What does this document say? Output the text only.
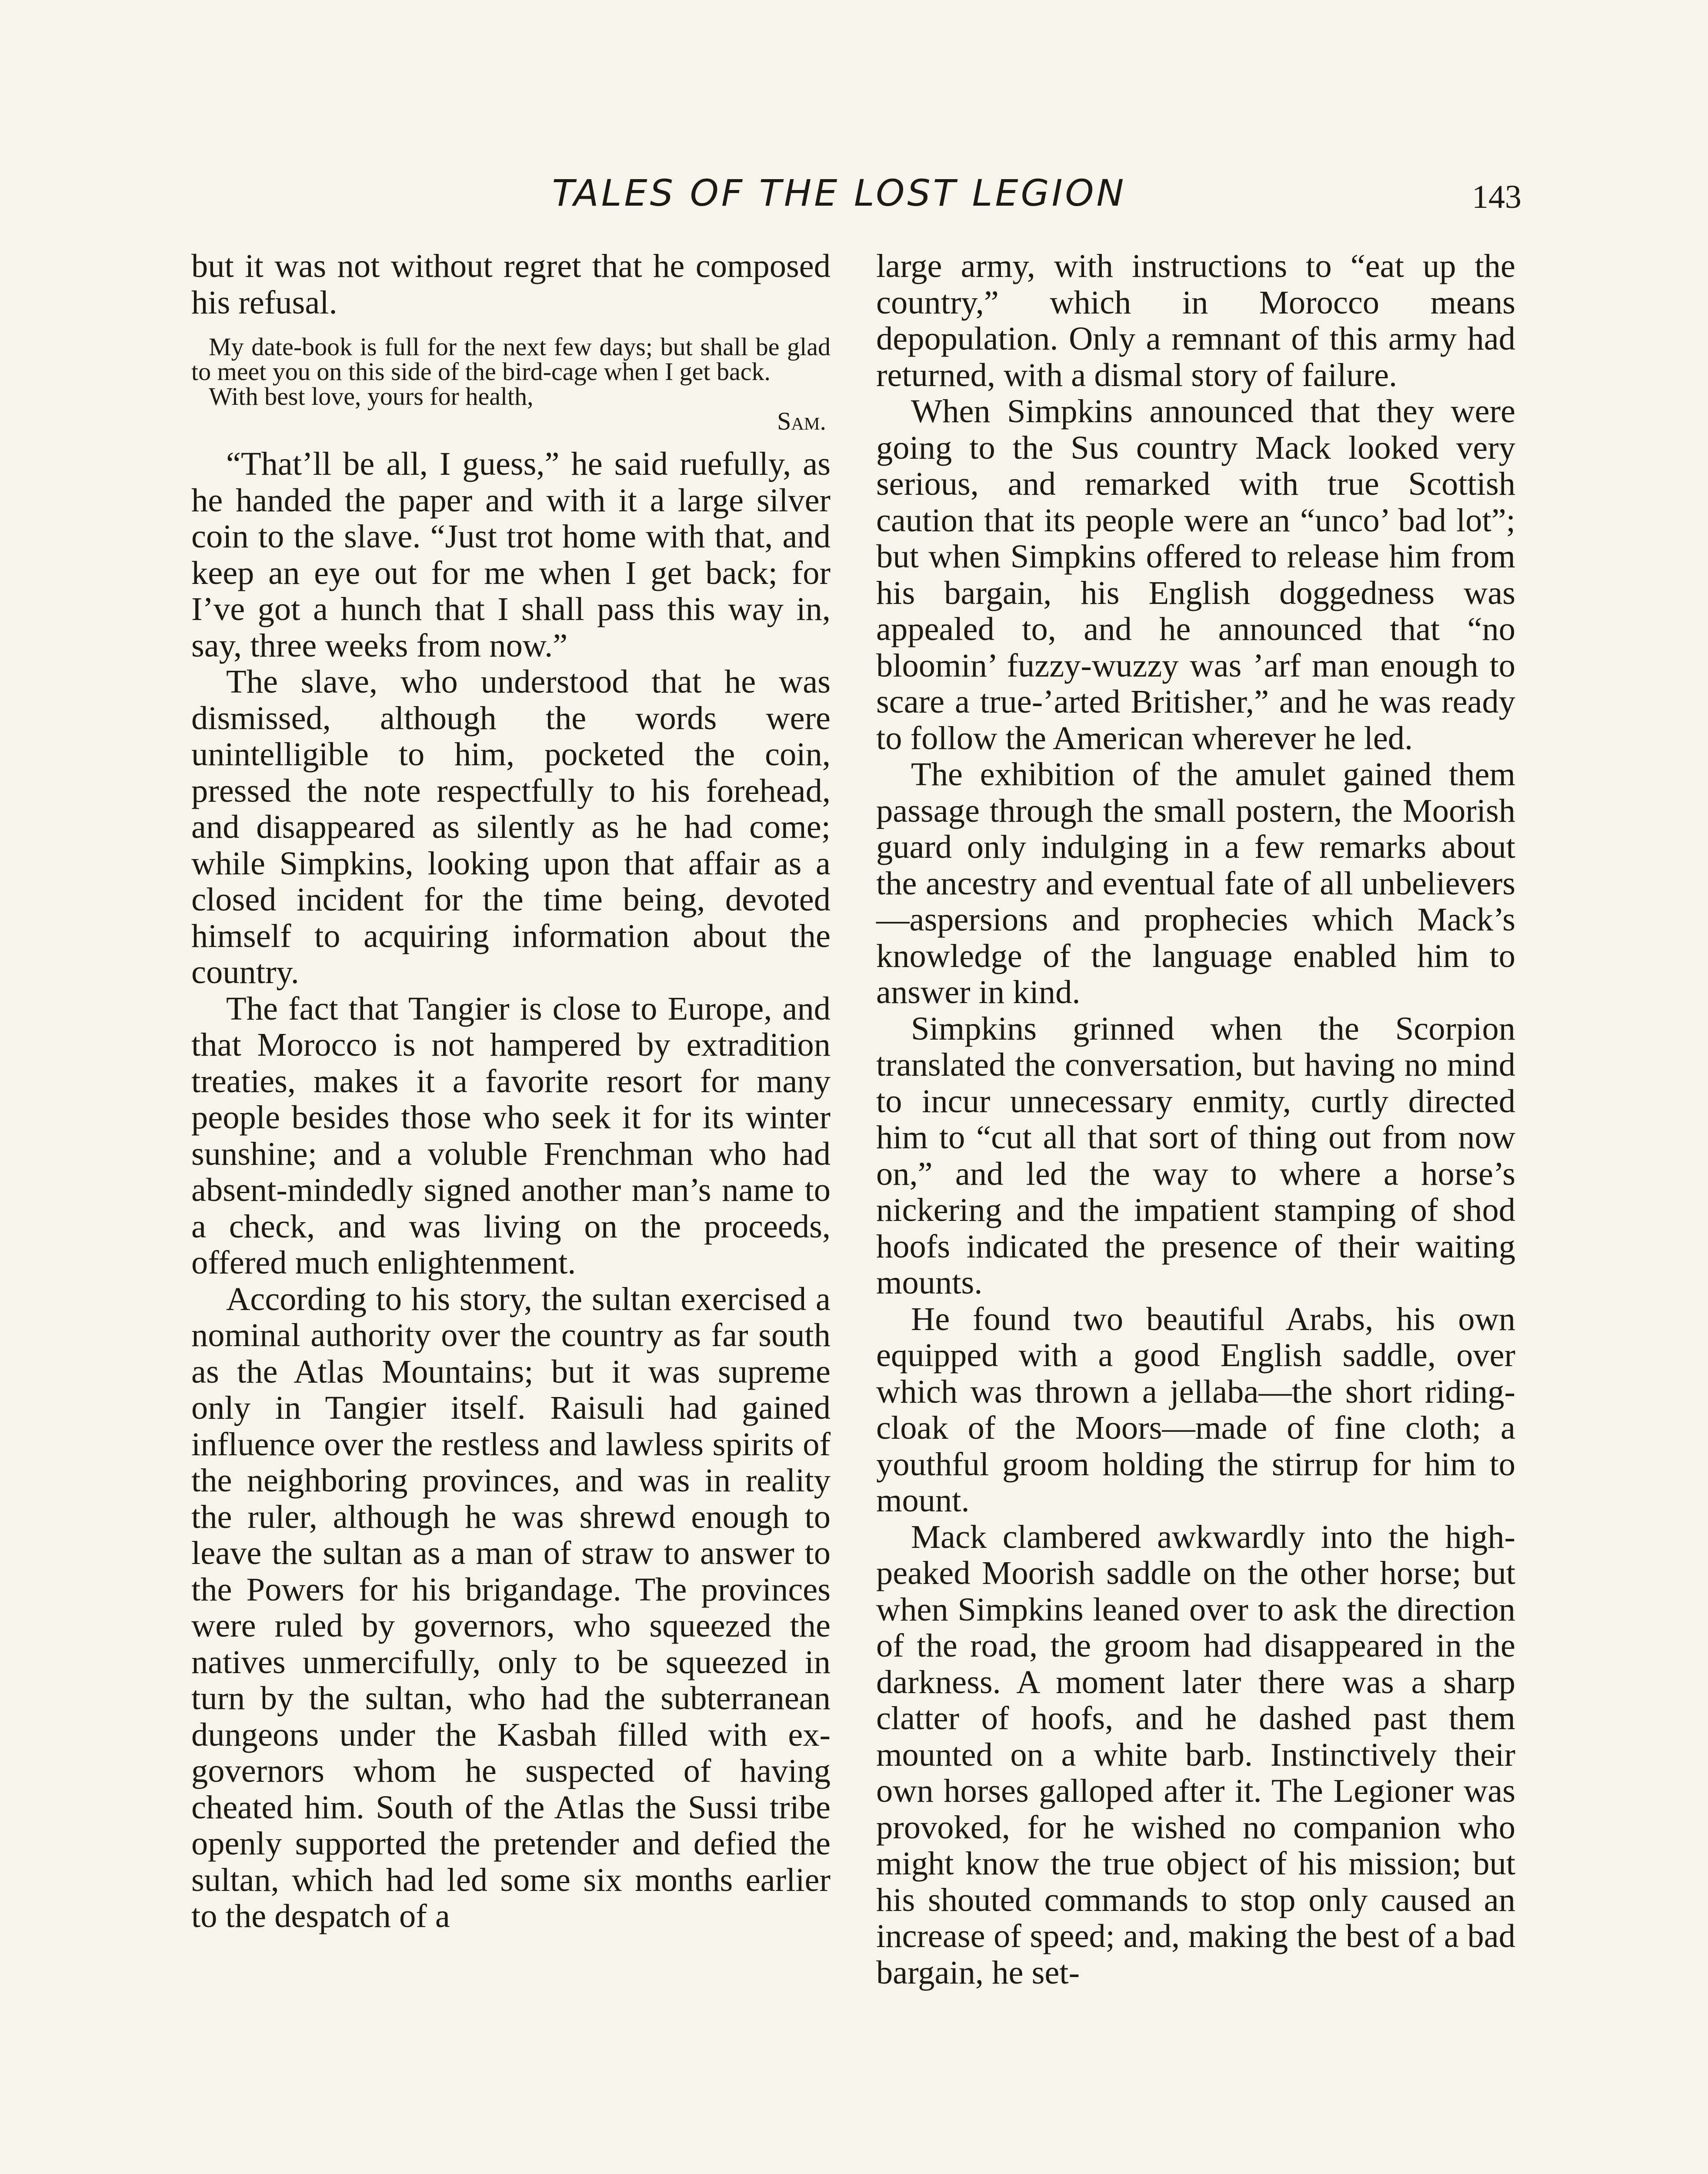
TALES OF THE LOST LEGION	143

but it was not without regret that he composed his refusal.

My date-book is full for the next few days; but shall be glad to meet you on this side of the bird-cage when I get back.

With best love, yours for health,

Sam.

“That’ll be all, I guess,” he said ruefully, as he handed the paper and with it a large silver coin to the slave. “Just trot home with that, and keep an eye out for me when I get back; for I’ve got a hunch that I shall pass this way in, say, three weeks from now.”

The slave, who understood that he was dismissed, although the words were unintelligible to him, pocketed the coin, pressed the note respectfully to his forehead, and disappeared as silently as he had come; while Simpkins, looking upon that affair as a closed incident for the time being, devoted himself to acquiring information about the country.

The fact that Tangier is close to Europe, and that Morocco is not hampered by extradition treaties, makes it a favorite resort for many people besides those who seek it for its winter sunshine; and a voluble Frenchman who had absent-mindedly signed another man’s name to a check, and was living on the proceeds, offered much enlightenment.

According to his story, the sultan exercised a nominal authority over the country as far south as the Atlas Mountains; but it was supreme only in Tangier itself. Raisuli had gained influence over the restless and lawless spirits of the neighboring provinces, and was in reality the ruler, although he was shrewd enough to leave the sultan as a man of straw to answer to the Powers for his brigandage. The provinces were ruled by governors, who squeezed the natives unmercifully, only to be squeezed in turn by the sultan, who had the subterranean dungeons under the Kasbah filled with ex-governors whom he suspected of having cheated him. South of the Atlas the Sussi tribe openly supported the pretender and defied the sultan, which had led some six months earlier to the despatch of a

large army, with instructions to “eat up the country,” which in Morocco means depopulation. Only a remnant of this army had returned, with a dismal story of failure.

When Simpkins announced that they were going to the Sus country Mack looked very serious, and remarked with true Scottish caution that its people were an “unco’ bad lot”; but when Simpkins offered to release him from his bargain, his English doggedness was appealed to, and he announced that “no bloomin’ fuzzy-wuzzy was ’arf man enough to scare a true-’arted Britisher,” and he was ready to follow the American wherever he led.

The exhibition of the amulet gained them passage through the small postern, the Moorish guard only indulging in a few remarks about the ancestry and eventual fate of all unbelievers—aspersions and prophecies which Mack’s knowledge of the language enabled him to answer in kind.

Simpkins grinned when the Scorpion translated the conversation, but having no mind to incur unnecessary enmity, curtly directed him to “cut all that sort of thing out from now on,” and led the way to where a horse’s nickering and the impatient stamping of shod hoofs indicated the presence of their waiting mounts.

He found two beautiful Arabs, his own equipped with a good English saddle, over which was thrown a jellaba—the short riding-cloak of the Moors—made of fine cloth; a youthful groom holding the stirrup for him to mount.

Mack clambered awkwardly into the high-peaked Moorish saddle on the other horse; but when Simpkins leaned over to ask the direction of the road, the groom had disappeared in the darkness. A moment later there was a sharp clatter of hoofs, and he dashed past them mounted on a white barb. Instinctively their own horses galloped after it. The Legioner was provoked, for he wished no companion who might know the true object of his mission; but his shouted commands to stop only caused an increase of speed; and, making the best of a bad bargain, he set-
